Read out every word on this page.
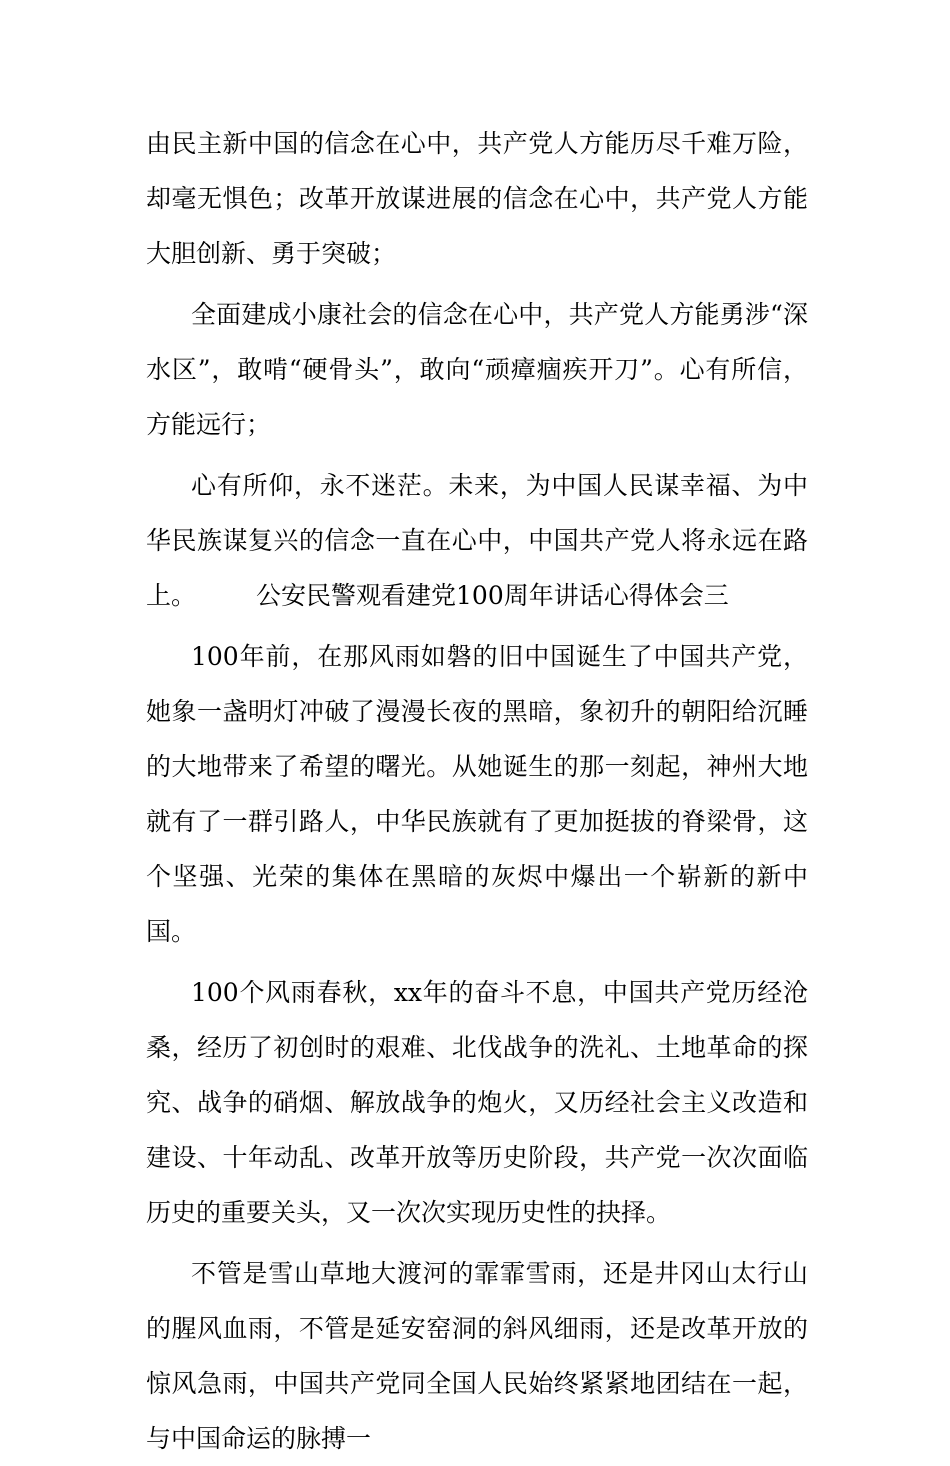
由民主新中国的信念在心中，共产党人方能历尽千难万险，却毫无惧色；改革开放谋进展的信念在心中，共产党人方能大胆创新、勇于突破；

全面建成小康社会的信念在心中，共产党人方能勇涉“深水区”，敢啃“硬骨头”，敢向“顽瘴痼疾开刀”。心有所信，方能远行；

心有所仰，永不迷茫。未来，为中国人民谋幸福、为中华民族谋复兴的信念一直在心中，中国共产党人将永远在路上。 公安民警观看建党100周年讲话心得体会三

100年前，在那风雨如磐的旧中国诞生了中国共产党，她象一盏明灯冲破了漫漫长夜的黑暗，象初升的朝阳给沉睡的大地带来了希望的曙光。从她诞生的那一刻起，神州大地就有了一群引路人，中华民族就有了更加挺拔的脊梁骨，这个坚强、光荣的集体在黑暗的灰烬中爆出一个崭新的新中国。

100个风雨春秋，xx年的奋斗不息，中国共产党历经沧桑，经历了初创时的艰难、北伐战争的洗礼、土地革命的探究、战争的硝烟、解放战争的炮火，又历经社会主义改造和建设、十年动乱、改革开放等历史阶段，共产党一次次面临历史的重要关头，又一次次实现历史性的抉择。

不管是雪山草地大渡河的霏霏雪雨，还是井冈山太行山的腥风血雨，不管是延安窑洞的斜风细雨，还是改革开放的惊风急雨，中国共产党同全国人民始终紧紧地团结在一起，与中国命运的脉搏一
